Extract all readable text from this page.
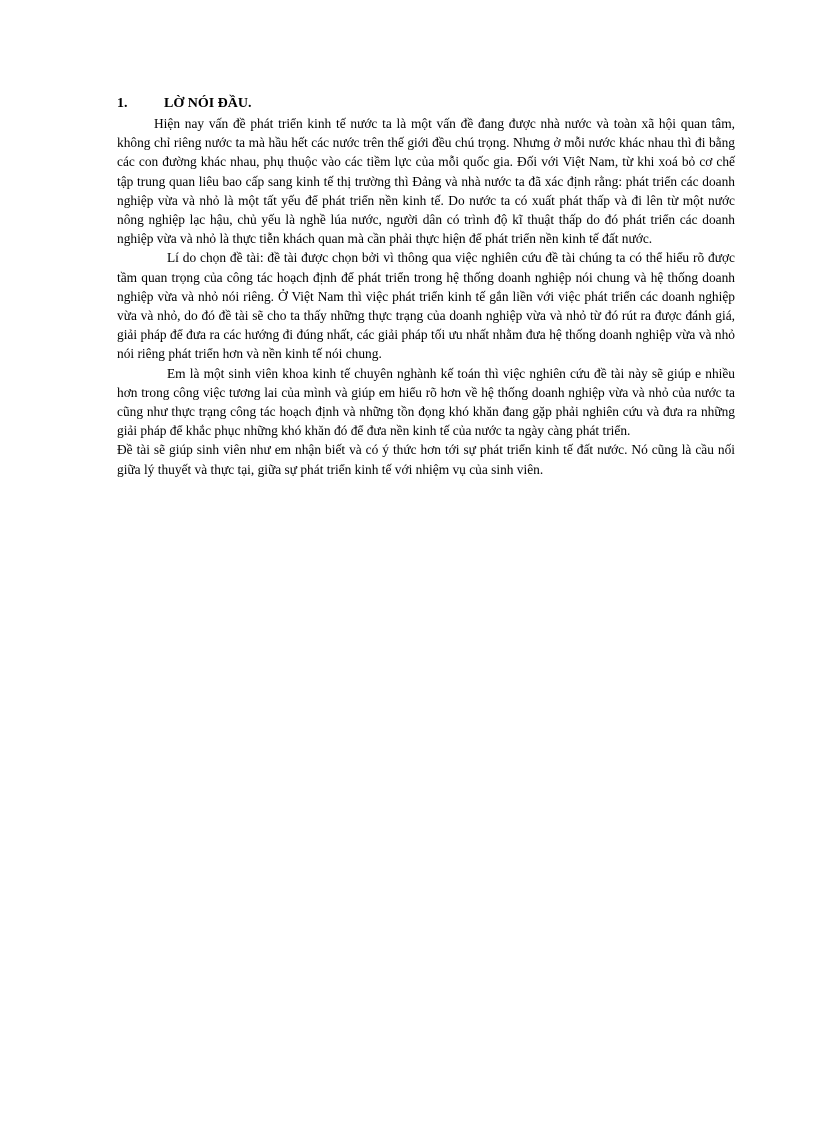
1.	LỜ NÓI ĐẦU.

Hiện nay vấn đề phát triển kinh tế nước ta là một vấn đề đang được nhà nước và toàn xã hội quan tâm, không chỉ riêng nước ta mà hầu hết các nước trên thế giới đều chú trọng. Nhưng ở mỗi nước khác nhau thì đi bằng các con đường khác nhau, phụ thuộc vào các tiềm lực của mỗi quốc gia. Đối với Việt Nam, từ khi xoá bỏ cơ chế tập trung quan liêu bao cấp sang kinh tế thị trường thì Đảng và nhà nước ta đã xác định rằng: phát triển các doanh nghiệp vừa và nhỏ là một tất yếu để phát triển nền kinh tế. Do nước ta có xuất phát thấp và đi lên từ một nước nông nghiệp lạc hậu, chủ yếu là nghề lúa nước, người dân có trình độ kĩ thuật thấp do đó phát triển các doanh nghiệp vừa và nhỏ là thực tiễn khách quan mà cần phải thực hiện để phát triển nền kinh tế đất nước.

Lí do chọn đề tài: đề tài được chọn bởi vì thông qua việc nghiên cứu đề tài chúng ta có thể hiểu rõ được tầm quan trọng của công tác hoạch định để phát triển trong hệ thống doanh nghiệp nói chung và hệ thống doanh nghiệp vừa và nhỏ nói riêng. Ở Việt Nam thì việc phát triển kinh tế gắn liền với việc phát triển các doanh nghiệp vừa và nhỏ, do đó đề tài sẽ cho ta thấy những thực trạng của doanh nghiệp vừa và nhỏ từ đó rút ra được đánh giá, giải pháp để đưa ra các hướng đi đúng nhất, các giải pháp tối ưu nhất nhằm đưa hệ thống doanh nghiệp vừa và nhỏ nói riêng phát triển hơn và nền kinh tế nói chung.

Em là một sinh viên khoa kinh tế chuyên nghành kế toán thì việc nghiên cứu đề tài này sẽ giúp e nhiều hơn trong công việc tương lai của mình và giúp em hiểu rõ hơn về hệ thống doanh nghiệp vừa và nhỏ của nước ta cũng như thực trạng công tác hoạch định và những tồn đọng khó khăn đang gặp phải nghiên cứu và đưa ra những giải pháp để khắc phục những khó khăn đó để đưa nền kinh tế của nước ta ngày càng phát triển.

Đề tài sẽ giúp sinh viên như em nhận biết và có ý thức hơn tới sự phát triển kinh tế đất nước. Nó cũng là cầu nối giữa lý thuyết và thực tại, giữa sự phát triển kinh tế với nhiệm vụ của sinh viên.
